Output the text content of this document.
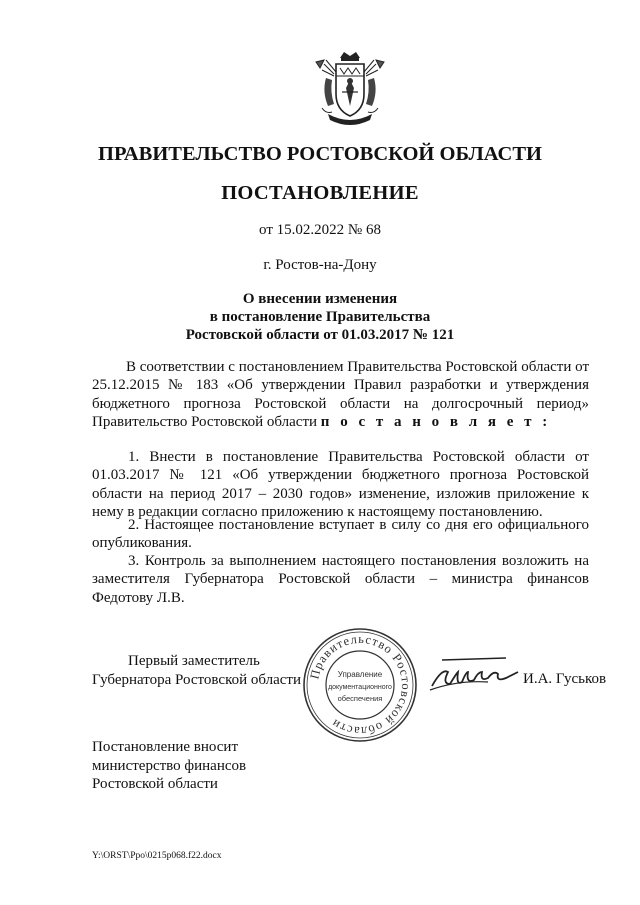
ПРАВИТЕЛЬСТВО РОСТОВСКОЙ ОБЛАСТИ
ПОСТАНОВЛЕНИЕ
от 15.02.2022 № 68
г. Ростов-на-Дону
О внесении изменения
в постановление Правительства
Ростовской области от 01.03.2017 № 121

В соответствии с постановлением Правительства Ростовской области от 25.12.2015 № 183 «Об утверждении Правил разработки и утверждения бюджетного прогноза Ростовской области на долгосрочный период» Правительство Ростовской области п о с т а н о в л я е т :

1. Внести в постановление Правительства Ростовской области от 01.03.2017 № 121 «Об утверждении бюджетного прогноза Ростовской области на период 2017 – 2030 годов» изменение, изложив приложение к нему в редакции согласно приложению к настоящему постановлению.

2. Настоящее постановление вступает в силу со дня его официального опубликования.

3. Контроль за выполнением настоящего постановления возложить на заместителя Губернатора Ростовской области – министра финансов Федотову Л.В.

Первый заместитель
Губернатора Ростовской области Правительство Ростовской области
Управление
документационного
обеспечения
И.А. Гуськов
Постановление вносит
министерство финансов
Ростовской области
Y:\ORST\Ppo\0215p068.f22.docx
